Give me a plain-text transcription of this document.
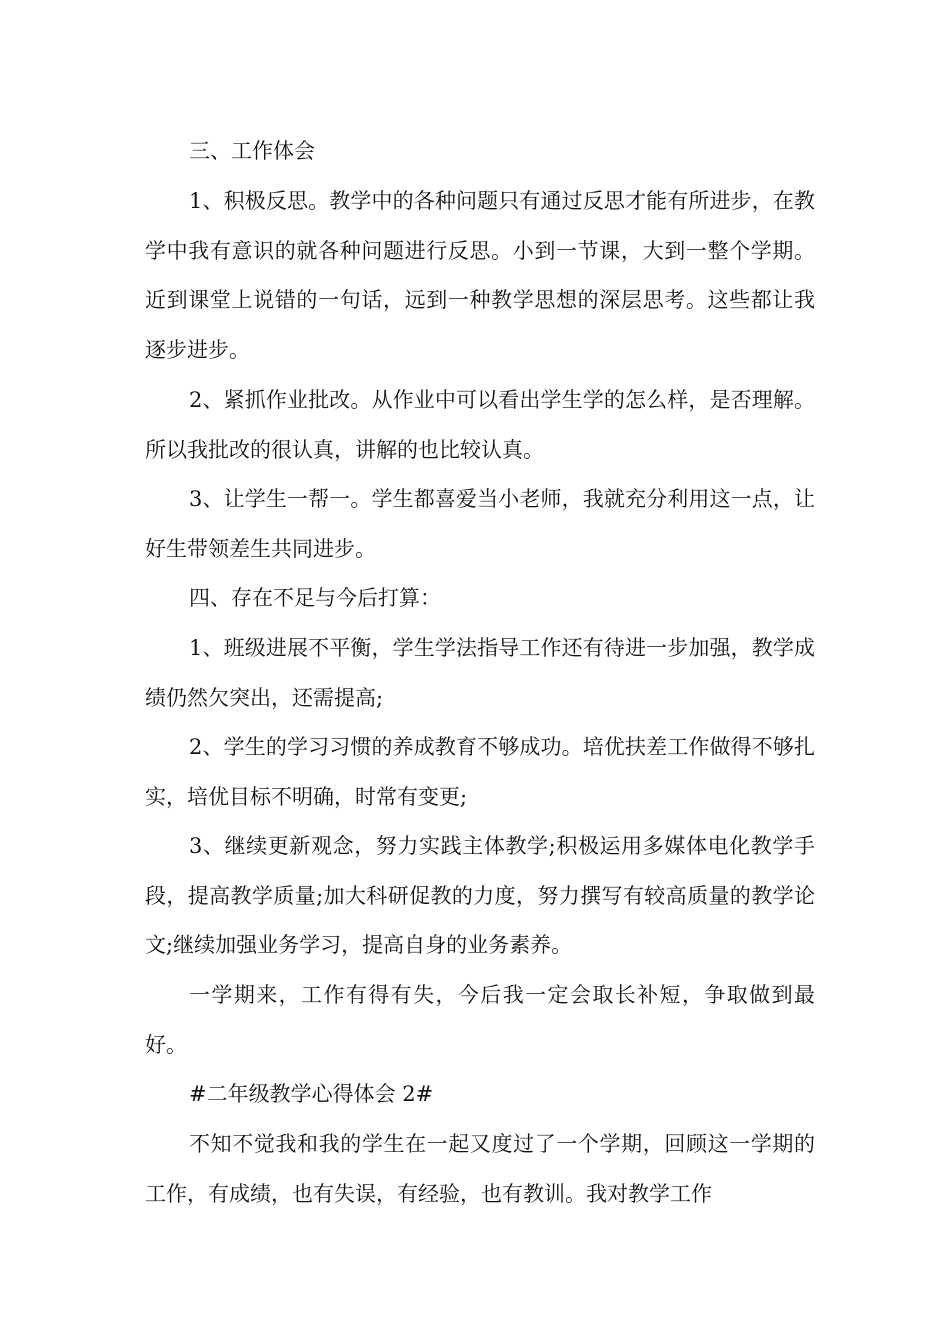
三、工作体会

1、积极反思。教学中的各种问题只有通过反思才能有所进步，在教学中我有意识的就各种问题进行反思。小到一节课，大到一整个学期。近到课堂上说错的一句话，远到一种教学思想的深层思考。这些都让我逐步进步。

2、紧抓作业批改。从作业中可以看出学生学的怎么样，是否理解。所以我批改的很认真，讲解的也比较认真。

3、让学生一帮一。学生都喜爱当小老师，我就充分利用这一点，让好生带领差生共同进步。

四、存在不足与今后打算：

1、班级进展不平衡，学生学法指导工作还有待进一步加强，教学成绩仍然欠突出，还需提高;

2、学生的学习习惯的养成教育不够成功。培优扶差工作做得不够扎实，培优目标不明确，时常有变更;

3、继续更新观念，努力实践主体教学;积极运用多媒体电化教学手段，提高教学质量;加大科研促教的力度，努力撰写有较高质量的教学论文;继续加强业务学习，提高自身的业务素养。

一学期来，工作有得有失，今后我一定会取长补短，争取做到最好。

#二年级教学心得体会 2#

不知不觉我和我的学生在一起又度过了一个学期，回顾这一学期的工作，有成绩，也有失误，有经验，也有教训。我对教学工作
